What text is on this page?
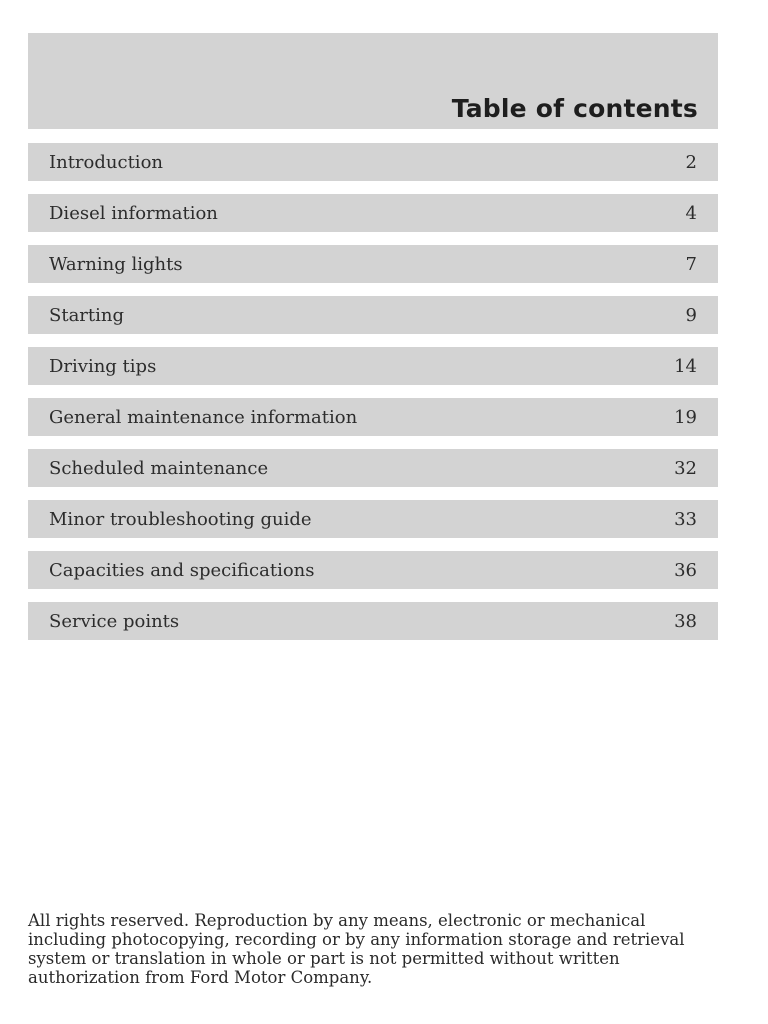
Table of contents
Introduction	2
Diesel information	4
Warning lights	7
Starting	9
Driving tips	14
General maintenance information	19
Scheduled maintenance	32
Minor troubleshooting guide	33
Capacities and specifications	36
Service points	38
All rights reserved. Reproduction by any means, electronic or mechanical
including photocopying, recording or by any information storage and retrieval
system or translation in whole or part is not permitted without written
authorization from Ford Motor Company.
